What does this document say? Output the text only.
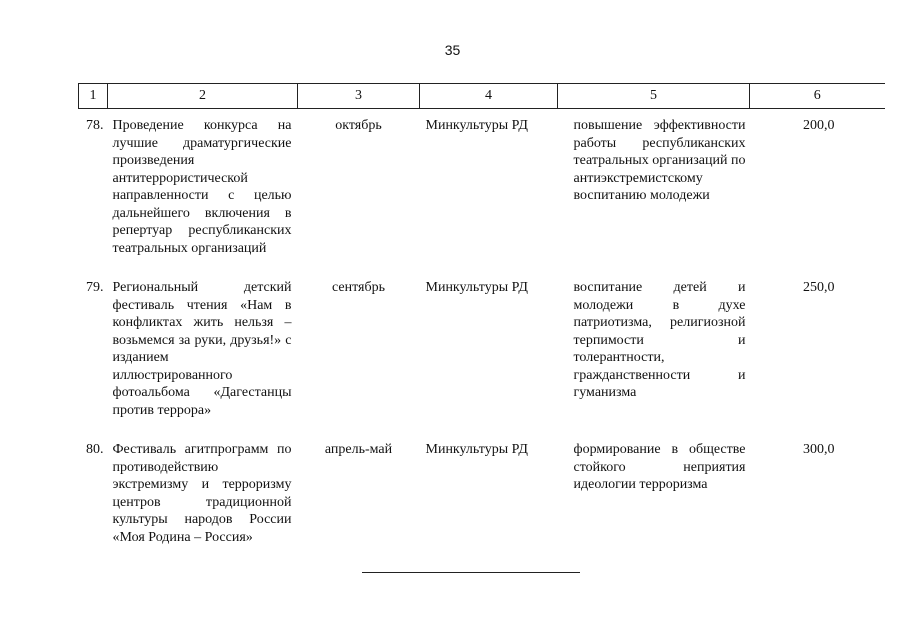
35
1	2	3	4	5	6
78.	Проведение конкурса на лучшие драматургические произведения антитеррористической направленности с целью дальнейшего включения в репертуар республиканских театральных организаций	октябрь	Минкультуры РД	повышение эффективности работы республиканских театральных организаций по антиэкстремистскому воспитанию молодежи	200,0
79.	Региональный детский фестиваль чтения «Нам в конфликтах жить нельзя – возьмемся за руки, друзья!» с изданием иллюстрированного фотоальбома «Дагестанцы против террора»	сентябрь	Минкультуры РД	воспитание детей и молодежи в духе патриотизма, религиозной терпимости и толерантности, гражданственности и гуманизма	250,0
80.	Фестиваль агитпрограмм по противодействию экстремизму и терроризму центров традиционной культуры народов России «Моя Родина – Россия»	апрель-май	Минкультуры РД	формирование в обществе стойкого неприятия идеологии терроризма	300,0
